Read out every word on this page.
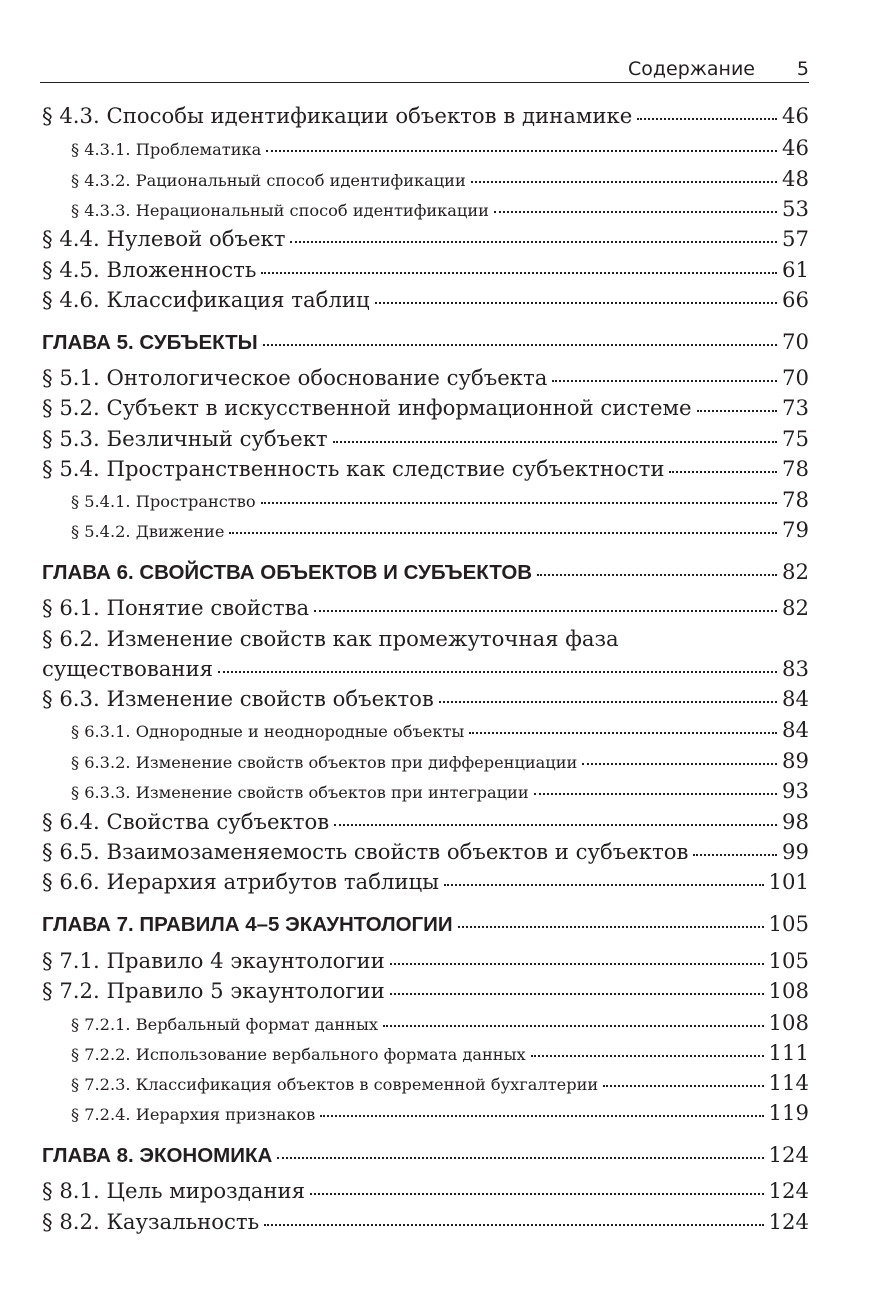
Содержание 5
§ 4.3. Способы идентификации объектов в динамике	46
§ 4.3.1. Проблематика	46
§ 4.3.2. Рациональный способ идентификации	48
§ 4.3.3. Нерациональный способ идентификации	53
§ 4.4. Нулевой объект	57
§ 4.5. Вложенность	61
§ 4.6. Классификация таблиц	66
ГЛАВА 5. СУБЪЕКТЫ	70
§ 5.1. Онтологическое обоснование субъекта	70
§ 5.2. Субъект в искусственной информационной системе	73
§ 5.3. Безличный субъект	75
§ 5.4. Пространственность как следствие субъектности	78
§ 5.4.1. Пространство	78
§ 5.4.2. Движение	79
ГЛАВА 6. СВОЙСТВА ОБЪЕКТОВ И СУБЪЕКТОВ	82
§ 6.1. Понятие свойства	82
§ 6.2. Изменение свойств как промежуточная фаза
существования	83
§ 6.3. Изменение свойств объектов	84
§ 6.3.1. Однородные и неоднородные объекты	84
§ 6.3.2. Изменение свойств объектов при дифференциации	89
§ 6.3.3. Изменение свойств объектов при интеграции	93
§ 6.4. Свойства субъектов	98
§ 6.5. Взаимозаменяемость свойств объектов и субъектов	99
§ 6.6. Иерархия атрибутов таблицы	101
ГЛАВА 7. ПРАВИЛА 4–5 ЭКАУНТОЛОГИИ	105
§ 7.1. Правило 4 экаунтологии	105
§ 7.2. Правило 5 экаунтологии	108
§ 7.2.1. Вербальный формат данных	108
§ 7.2.2. Использование вербального формата данных	111
§ 7.2.3. Классификация объектов в современной бухгалтерии	114
§ 7.2.4. Иерархия признаков	119
ГЛАВА 8. ЭКОНОМИКА	124
§ 8.1. Цель мироздания	124
§ 8.2. Каузальность	124
